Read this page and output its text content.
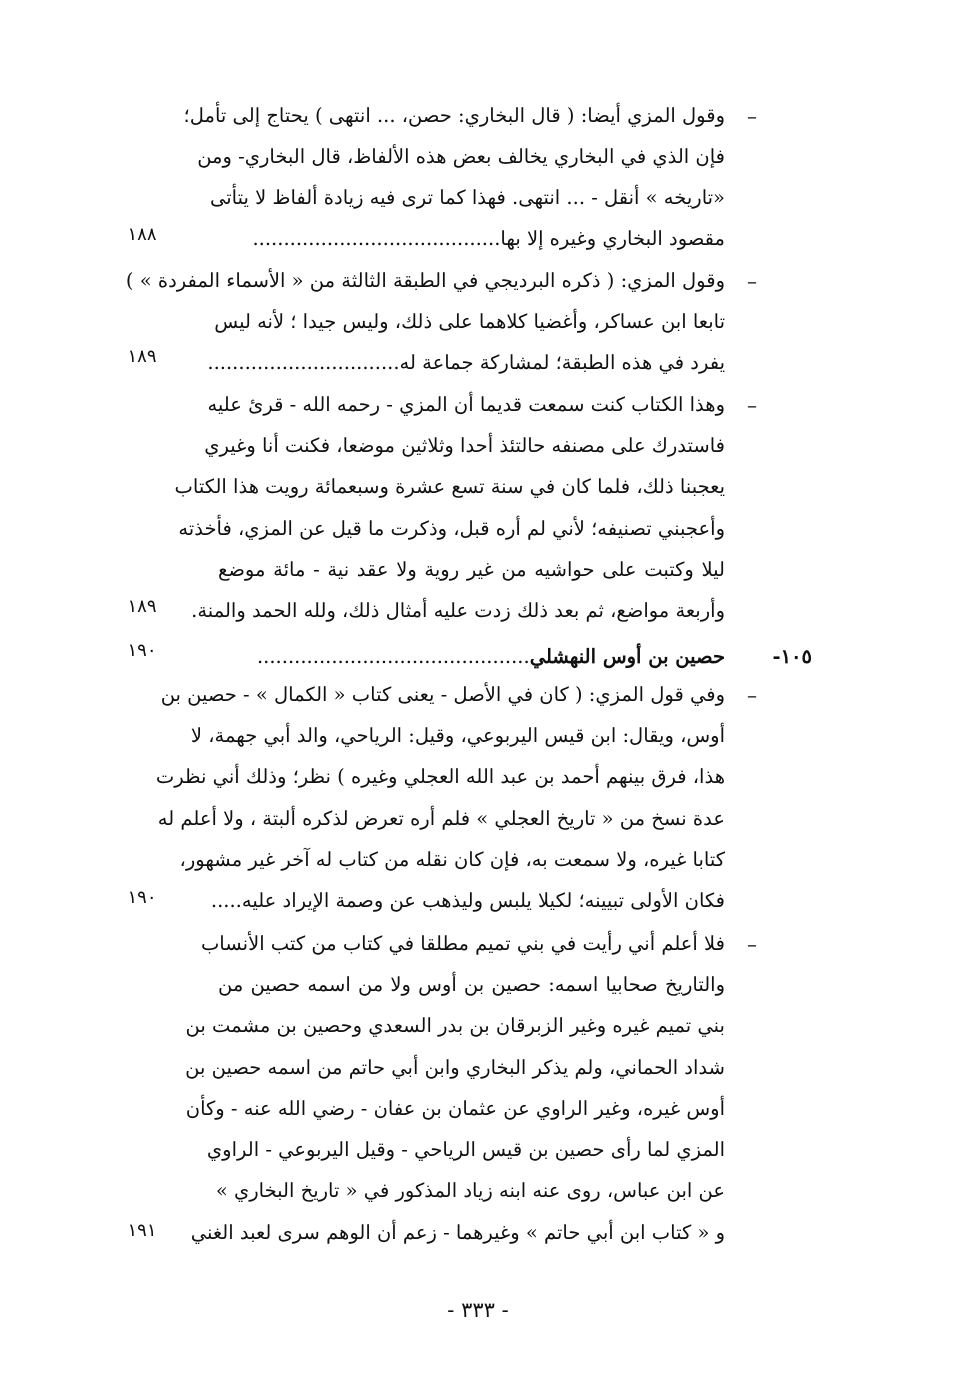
–
–
–
–
–
١٠٥-
وقول المزي أيضا: ( قال البخاري: حصن، ... انتهى ) يحتاج إلى تأمل؛
فإن الذي في البخاري يخالف بعض هذه الألفاظ، قال البخاري- ومن
«تاريخه » أنقل - ... انتهى. فهذا كما ترى فيه زيادة ألفاظ لا يتأتى
مقصود البخاري وغيره إلا بها........................................
وقول المزي: ( ذكره البرديجي في الطبقة الثالثة من « الأسماء المفردة » )
تابعا ابن عساكر، وأغضيا كلاهما على ذلك، وليس جيدا ؛ لأنه ليس
يفرد في هذه الطبقة؛ لمشاركة جماعة له...............................
وهذا الكتاب كنت سمعت قديما أن المزي - رحمه الله - قرئ عليه
فاستدرك على مصنفه حالتئذ أحدا وثلاثين موضعا، فكنت أنا وغيري
يعجبنا ذلك، فلما كان في سنة تسع عشرة وسبعمائة رويت هذا الكتاب
وأعجبني تصنيفه؛ لأني لم أره قبل، وذكرت ما قيل عن المزي، فأخذته
ليلا وكتبت على حواشيه من غير روية ولا عقد نية - مائة موضع
وأربعة مواضع، ثم بعد ذلك زدت عليه أمثال ذلك، ولله الحمد والمنة.
حصين بن أوس النهشلي............................................
وفي قول المزي: ( كان في الأصل - يعنى كتاب « الكمال » - حصين بن
أوس، ويقال: ابن قيس اليربوعي، وقيل: الرياحي، والد أبي جهمة، لا
هذا، فرق بينهم أحمد بن عبد الله العجلي وغيره ) نظر؛ وذلك أني نظرت
عدة نسخ من « تاريخ العجلي » فلم أره تعرض لذكره ألبتة ، ولا أعلم له
كتابا غيره، ولا سمعت به، فإن كان نقله من كتاب له آخر غير مشهور،
فكان الأولى تبيينه؛ لكيلا يلبس وليذهب عن وصمة الإيراد عليه.....
فلا أعلم أني رأيت في بني تميم مطلقا في كتاب من كتب الأنساب
والتاريخ صحابيا اسمه: حصين بن أوس ولا من اسمه حصين من
بني تميم غيره وغير الزبرقان بن بدر السعدي وحصين بن مشمت بن
شداد الحماني، ولم يذكر البخاري وابن أبي حاتم من اسمه حصين بن
أوس غيره، وغير الراوي عن عثمان بن عفان - رضي الله عنه - وكأن
المزي لما رأى حصين بن قيس الرياحي - وقيل اليربوعي - الراوي
عن ابن عباس، روى عنه ابنه زياد المذكور في « تاريخ البخاري »
و « كتاب ابن أبي حاتم » وغيرهما - زعم أن الوهم سرى لعبد الغني
١٨٨
١٨٩
١٨٩
١٩٠
١٩٠
١٩١
- ٣٣٣ -
